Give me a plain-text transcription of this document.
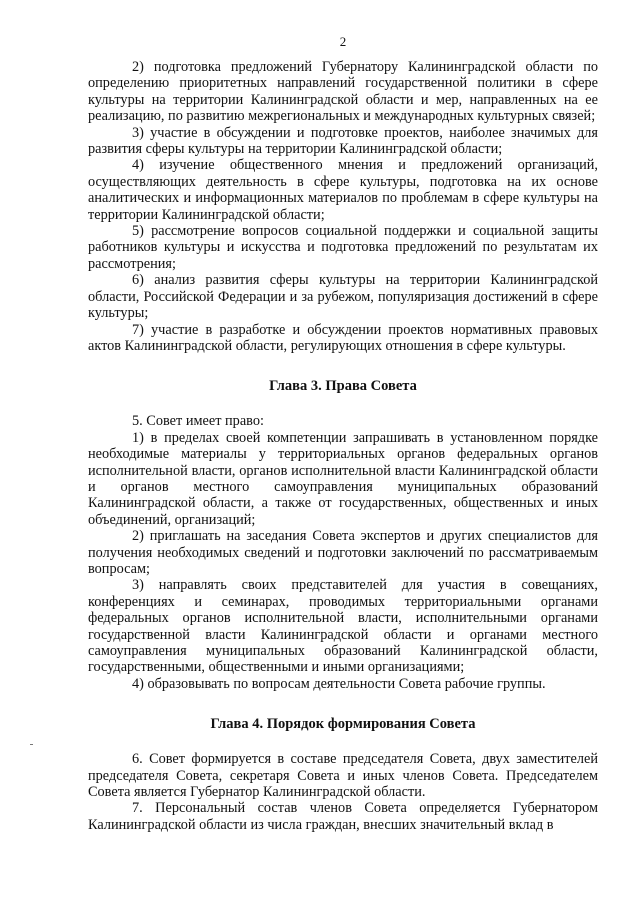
2

2) подготовка предложений Губернатору Калининградской области по определению приоритетных направлений государственной политики в сфере культуры на территории Калининградской области и мер, направленных на ее реализацию, по развитию межрегиональных и международных культурных связей;

3) участие в обсуждении и подготовке проектов, наиболее значимых для развития сферы культуры на территории Калининградской области;

4) изучение общественного мнения и предложений организаций, осуществляющих деятельность в сфере культуры, подготовка на их основе аналитических и информационных материалов по проблемам в сфере культуры на территории Калининградской области;

5) рассмотрение вопросов социальной поддержки и социальной защиты работников культуры и искусства и подготовка предложений по результатам их рассмотрения;

6) анализ развития сферы культуры на территории Калининградской области, Российской Федерации и за рубежом, популяризация достижений в сфере культуры;

7) участие в разработке и обсуждении проектов нормативных правовых актов Калининградской области, регулирующих отношения в сфере культуры.

Глава 3. Права Совета

5. Совет имеет право:

1) в пределах своей компетенции запрашивать в установленном порядке необходимые материалы у территориальных органов федеральных органов исполнительной власти, органов исполнительной власти Калининградской области и органов местного самоуправления муниципальных образований Калининградской области, а также от государственных, общественных и иных объединений, организаций;

2) приглашать на заседания Совета экспертов и других специалистов для получения необходимых сведений и подготовки заключений по рассматриваемым вопросам;

3) направлять своих представителей для участия в совещаниях, конференциях и семинарах, проводимых территориальными органами федеральных органов исполнительной власти, исполнительными органами государственной власти Калининградской области и органами местного самоуправления муниципальных образований Калининградской области, государственными, общественными и иными организациями;

4) образовывать по вопросам деятельности Совета рабочие группы.

Глава 4. Порядок формирования Совета

6. Совет формируется в составе председателя Совета, двух заместителей председателя Совета, секретаря Совета и иных членов Совета. Председателем Совета является Губернатор Калининградской области.

7. Персональный состав членов Совета определяется Губернатором Калининградской области из числа граждан, внесших значительный вклад в
